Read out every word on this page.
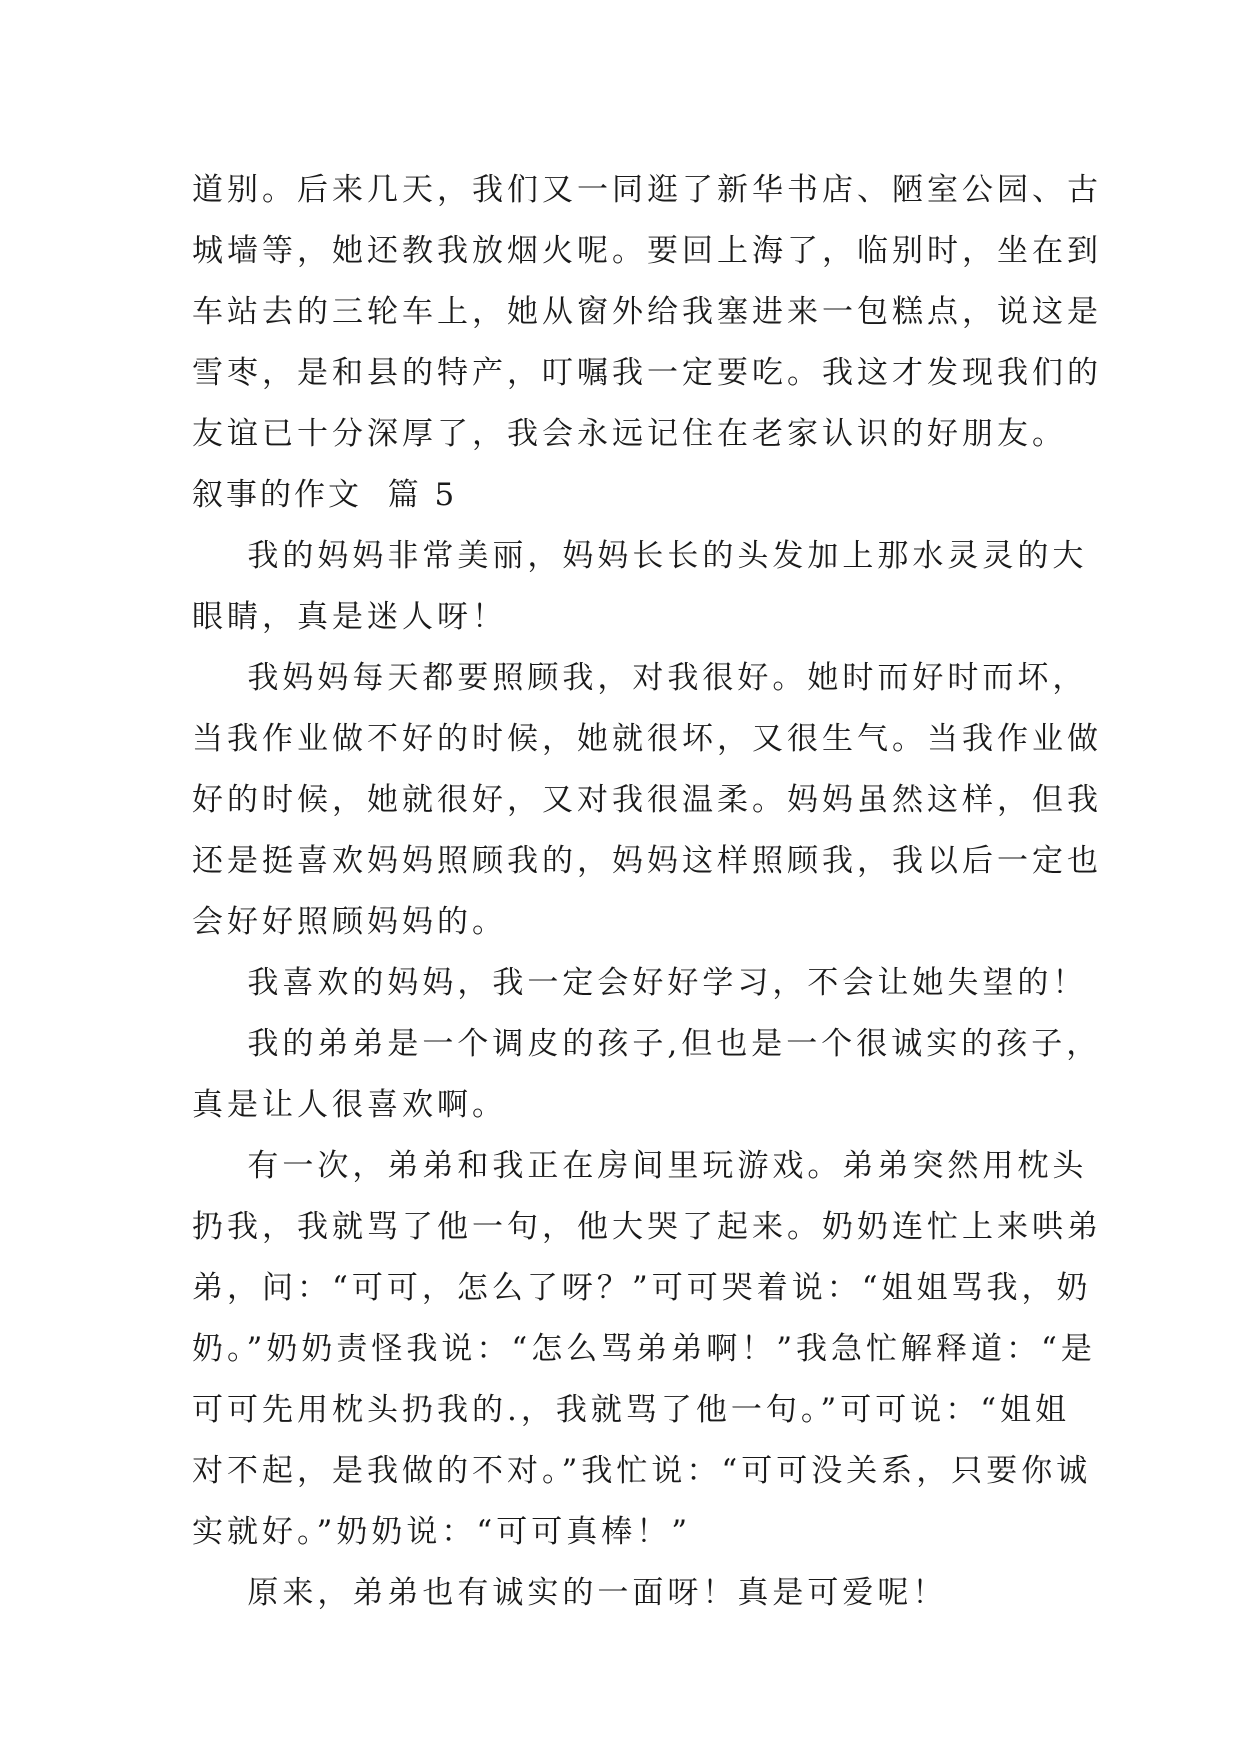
道别。后来几天，我们又一同逛了新华书店、陋室公园、古
城墙等，她还教我放烟火呢。要回上海了，临别时，坐在到
车站去的三轮车上，她从窗外给我塞进来一包糕点，说这是
雪枣，是和县的特产，叮嘱我一定要吃。我这才发现我们的
友谊已十分深厚了，我会永远记住在老家认识的好朋友。
叙事的作文  篇 5
我的妈妈非常美丽，妈妈长长的头发加上那水灵灵的大
眼睛，真是迷人呀！
我妈妈每天都要照顾我，对我很好。她时而好时而坏，
当我作业做不好的时候，她就很坏，又很生气。当我作业做
好的时候，她就很好，又对我很温柔。妈妈虽然这样，但我
还是挺喜欢妈妈照顾我的，妈妈这样照顾我，我以后一定也
会好好照顾妈妈的。
我喜欢的妈妈，我一定会好好学习，不会让她失望的！
我的弟弟是一个调皮的孩子,但也是一个很诚实的孩子，
真是让人很喜欢啊。
有一次，弟弟和我正在房间里玩游戏。弟弟突然用枕头
扔我，我就骂了他一句，他大哭了起来。奶奶连忙上来哄弟
弟，问：“可可，怎么了呀？”可可哭着说：“姐姐骂我，奶
奶。”奶奶责怪我说：“怎么骂弟弟啊！”我急忙解释道：“是
可可先用枕头扔我的.，我就骂了他一句。”可可说：“姐姐
对不起，是我做的不对。”我忙说：“可可没关系，只要你诚
实就好。”奶奶说：“可可真棒！”
原来，弟弟也有诚实的一面呀！真是可爱呢！
